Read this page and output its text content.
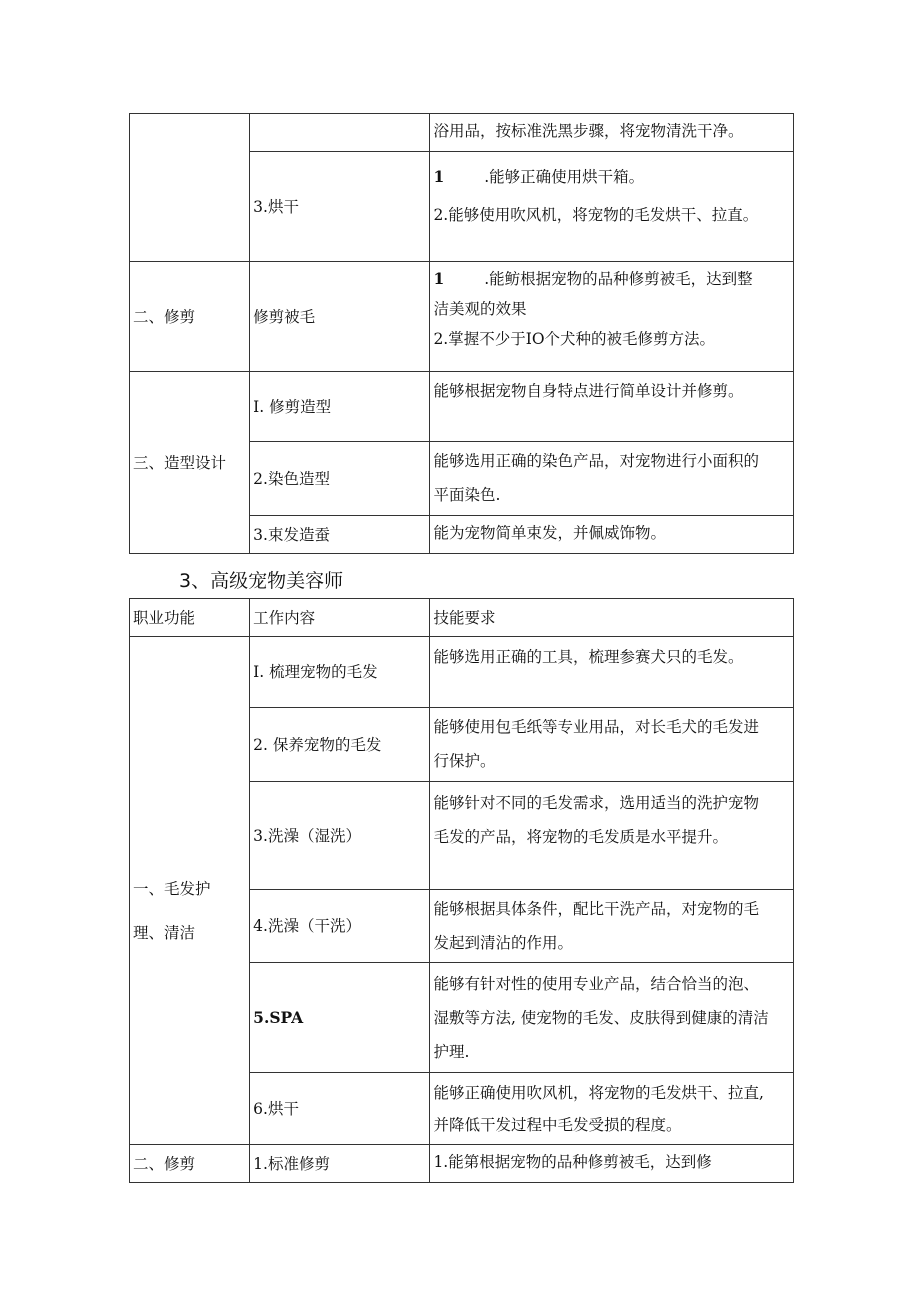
		浴用品，按标准洗黑步骤，将宠物清洗干净。
	3.烘干	1 .能够正确使用烘干箱。
2.能够使用吹风机，将宠物的毛发烘干、拉直。

二、修剪	修剪被毛	1 .能鲂根据宠物的品种修剪被毛，达到整
洁美观的效果
2.掌握不少于IO个犬种的被毛修剪方法。

三、造型设计	I. 修剪造型	能够根据宠物自身特点进行简单设计并修剪。
	2.染色造型	能够选用正确的染色产品，对宠物进行小面积的
平面染色.

	3.束发造蚕	能为宠物简单束发，并佩威饰物。
3、高级宠物美容师
职业功能	工作内容	技能要求

一、毛发护
理、清洁	I. 梳理宠物的毛发	能够选用正确的工具，梳理参赛犬只的毛发。
	2. 保养宠物的毛发	能够使用包毛纸等专业用品，对长毛犬的毛发进
行保护。

	3.洗澡（湿洗）	能够针对不同的毛发需求，选用适当的洗护宠物
毛发的产品，将宠物的毛发质是水平提升。

	4.洗澡（干洗）	能够根据具体条件，配比干洗产品，对宠物的毛
发起到清沾的作用。

	5.SPA	能够有针对性的使用专业产品，结合恰当的泡、
湿敷等方法, 使宠物的毛发、皮肤得到健康的清洁
护理.

	6.烘干	能够正确使用吹风机，将宠物的毛发烘干、拉直,
并降低干发过程中毛发受损的程度。

二、修剪	1.标准修剪	1.能第根据宠物的品种修剪被毛，达到修
